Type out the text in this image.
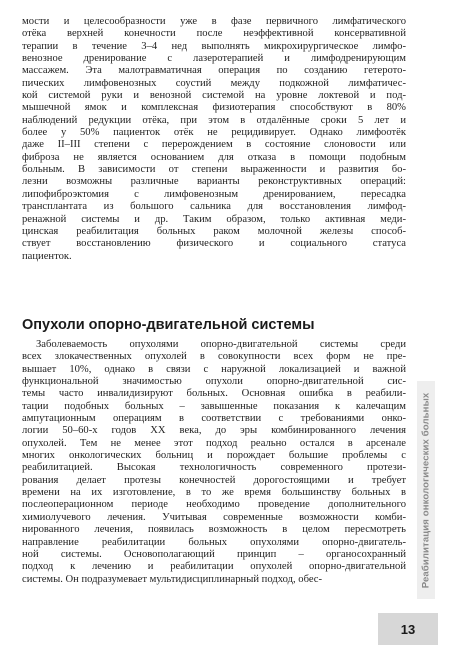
мости и целесообразности уже в фазе первичного лимфатического
отёка верхней конечности после неэффективной консервативной
терапии в течение 3–4 нед выполнять микрохирургическое лимфо-
венозное дренирование с лазеротерапией и лимфодренирующим
массажем. Эта малотравматичная операция по созданию гетерото-
пических лимфовенозных соустий между подкожной лимфатичес-
кой системой руки и венозной системой на уровне локтевой и под-
мышечной ямок и комплексная физиотерапия способствуют в 80%
наблюдений редукции отёка, при этом в отдалённые сроки 5 лет и
более у 50% пациенток отёк не рецидивирует. Однако лимфоотёк
даже II–III степени с перерождением в состояние слоновости или
фиброза не является основанием для отказа в помощи подобным
больным. В зависимости от степени выраженности и развития бо-
лезни возможны различные варианты реконструктивных операций:
липофиброэктомия с лимфовенозным дренированием, пересадка
трансплантата из большого сальника для восстановления лимфод-
ренажной системы и др. Таким образом, только активная меди-
цинская реабилитация больных раком молочной железы способ-
ствует восстановлению физического и социального статуса
пациенток.

Опухоли опорно-двигательной системы

Заболеваемость опухолями опорно-двигательной системы среди
всех злокачественных опухолей в совокупности всех форм не пре-
вышает 10%, однако в связи с наружной локализацией и важной
функциональной значимостью опухоли опорно-двигательной сис-
темы часто инвалидизируют больных. Основная ошибка в реабили-
тации подобных больных – завышенные показания к калечащим
ампутационным операциям в соответствии с требованиями онко-
логии 50–60-х годов XX века, до эры комбинированного лечения
опухолей. Тем не менее этот подход реально остался в арсенале
многих онкологических больниц и порождает большие проблемы с
реабилитацией. Высокая технологичность современного протези-
рования делает протезы конечностей дорогостоящими и требует
времени на их изготовление, в то же время большинству больных в
послеоперационном периоде необходимо проведение дополнительного
химиолучевого лечения. Учитывая современные возможности комби-
нированного лечения, появилась возможность в целом пересмотреть
направление реабилитации больных опухолями опорно-двигатель-
ной системы. Основополагающий принцип – органосохранный
подход к лечению и реабилитации опухолей опорно-двигательной
системы. Он подразумевает мультидисциплинарный подход, обес-	Реабилитация онкологических больных
13
